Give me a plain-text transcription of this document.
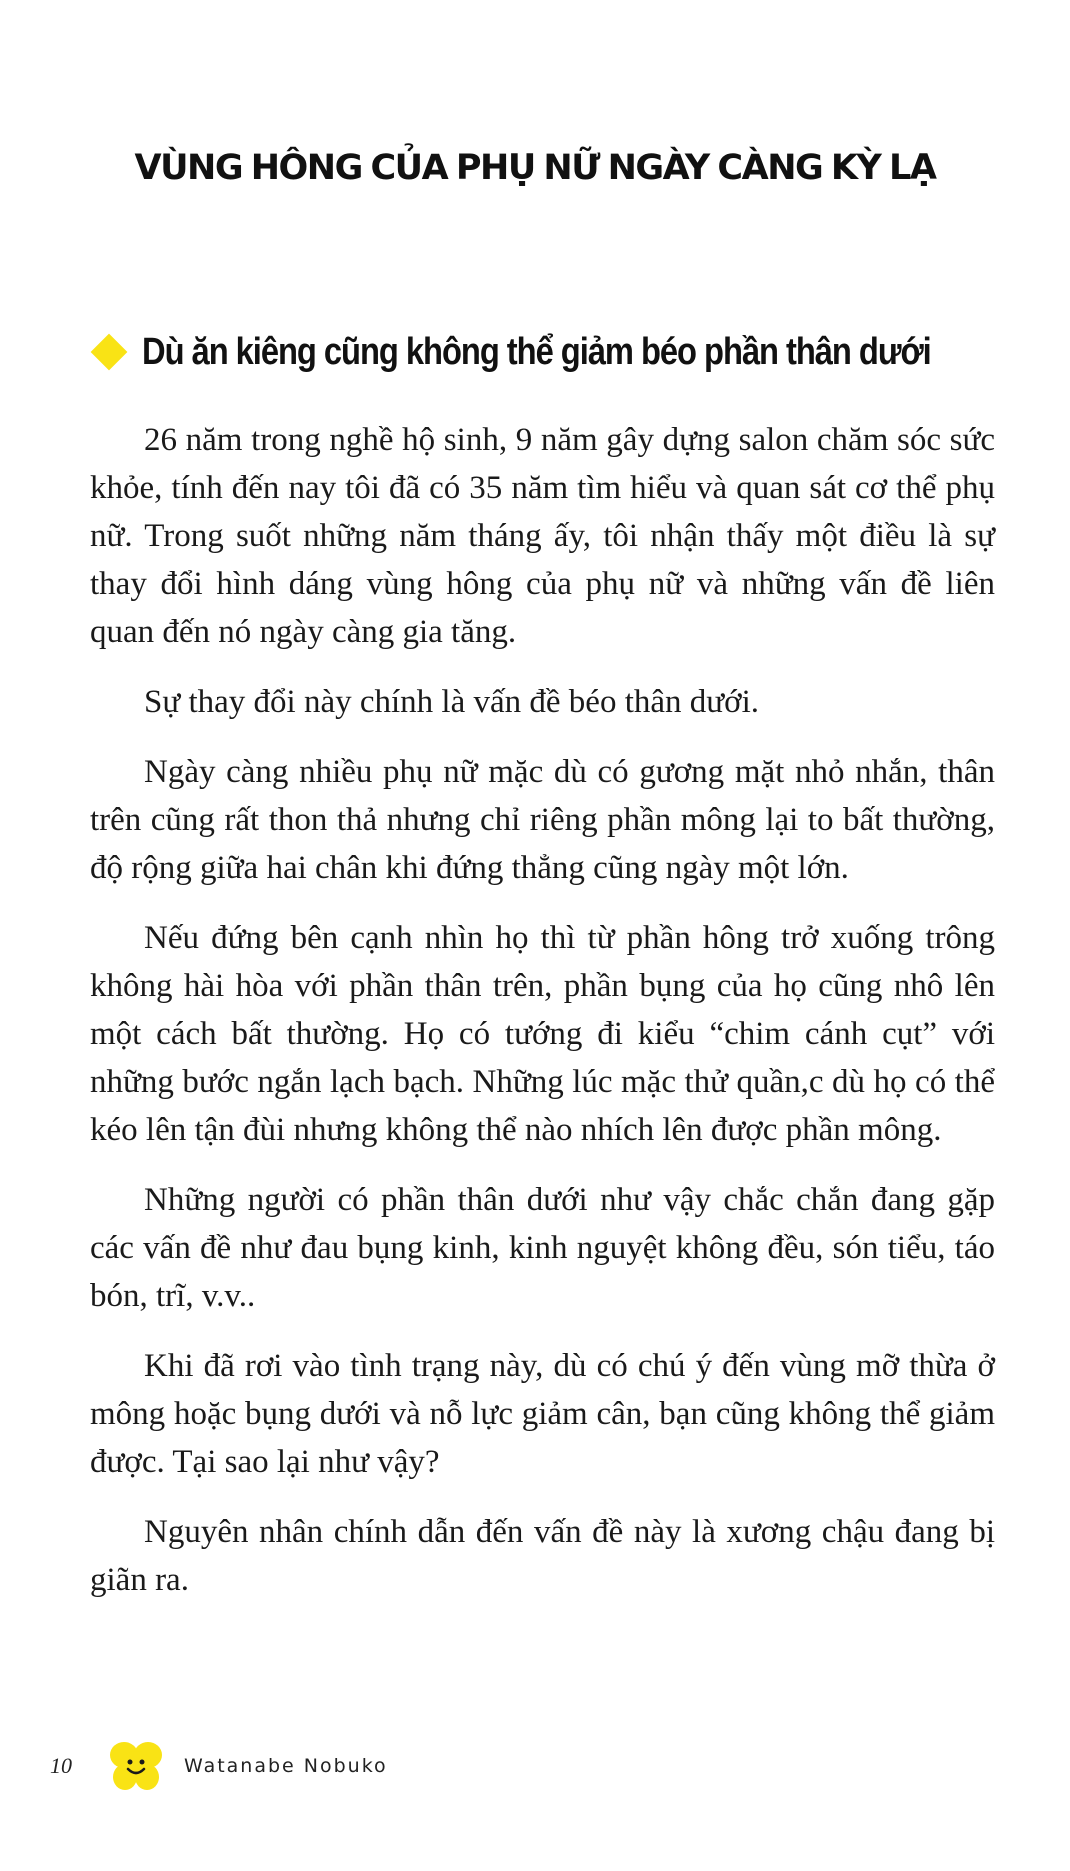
VÙNG HÔNG CỦA PHỤ NỮ NGÀY CÀNG KỲ LẠ
Dù ăn kiêng cũng không thể giảm béo phần thân dưới

26 năm trong nghề hộ sinh, 9 năm gây dựng salon chăm sóc sức khỏe, tính đến nay tôi đã có 35 năm tìm hiểu và quan sát cơ thể phụ nữ. Trong suốt những năm tháng ấy, tôi nhận thấy một điều là sự thay đổi hình dáng vùng hông của phụ nữ và những vấn đề liên quan đến nó ngày càng gia tăng.

Sự thay đổi này chính là vấn đề béo thân dưới.

Ngày càng nhiều phụ nữ mặc dù có gương mặt nhỏ nhắn, thân trên cũng rất thon thả nhưng chỉ riêng phần mông lại to bất thường, độ rộng giữa hai chân khi đứng thẳng cũng ngày một lớn.

Nếu đứng bên cạnh nhìn họ thì từ phần hông trở xuống trông không hài hòa với phần thân trên, phần bụng của họ cũng nhô lên một cách bất thường. Họ có tướng đi kiểu “chim cánh cụt” với những bước ngắn lạch bạch. Những lúc mặc thử quần,c dù họ có thể kéo lên tận đùi nhưng không thể nào nhích lên được phần mông.

Những người có phần thân dưới như vậy chắc chắn đang gặp các vấn đề như đau bụng kinh, kinh nguyệt không đều, són tiểu, táo bón, trĩ, v.v..

Khi đã rơi vào tình trạng này, dù có chú ý đến vùng mỡ thừa ở mông hoặc bụng dưới và nỗ lực giảm cân, bạn cũng không thể giảm được. Tại sao lại như vậy?

Nguyên nhân chính dẫn đến vấn đề này là xương chậu đang bị giãn ra.

10	Watanabe Nobuko
